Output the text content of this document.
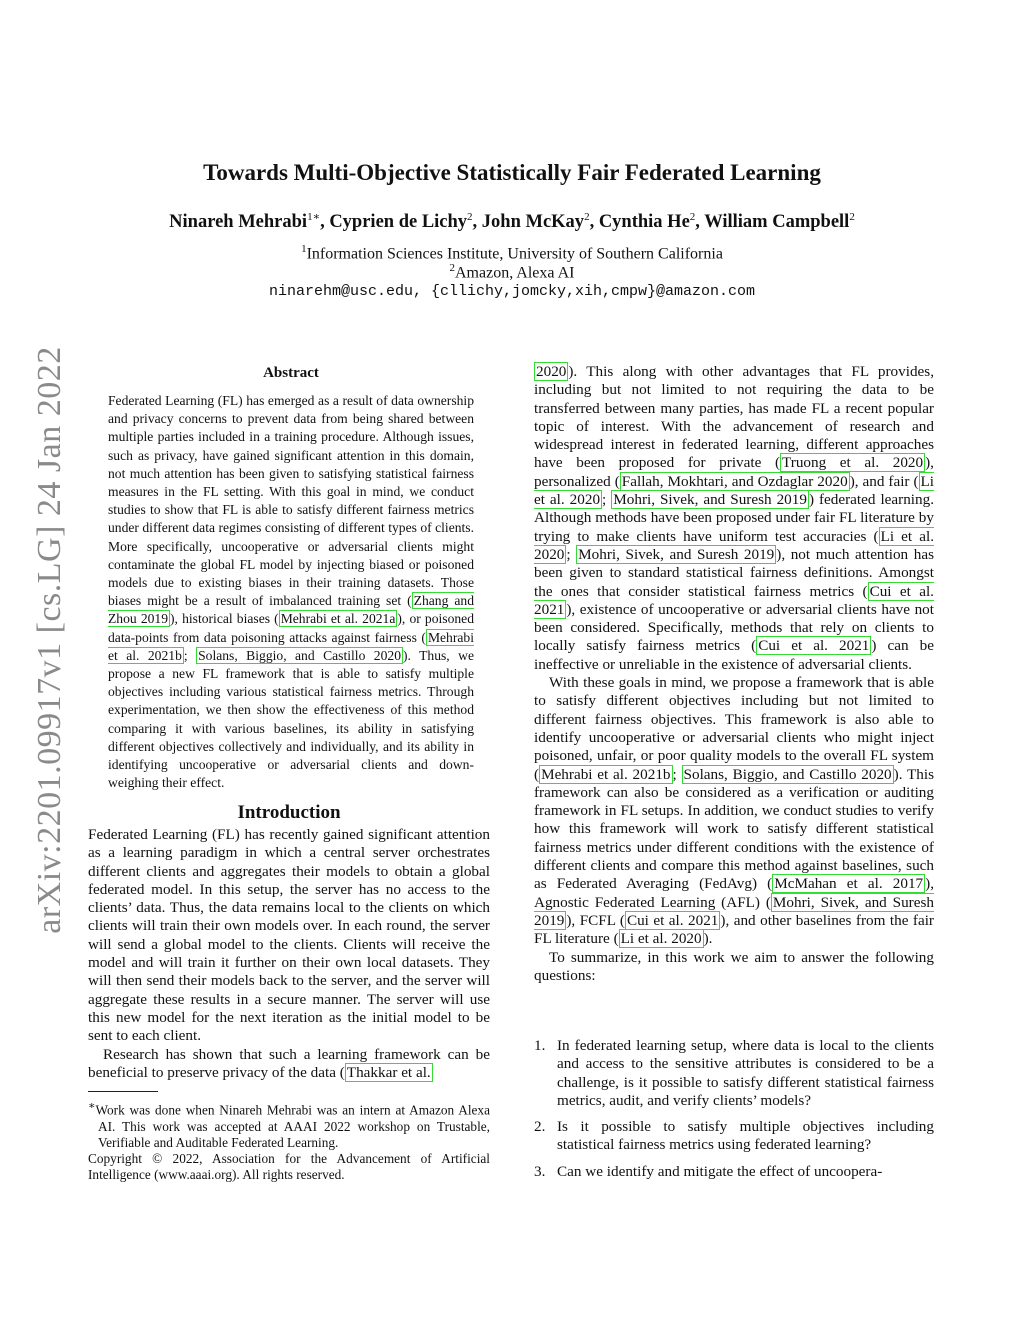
Towards Multi-Objective Statistically Fair Federated Learning
Ninareh Mehrabi$^{1∗}$, Cyprien de Lichy$^2$, John McKay$^2$, Cynthia He$^2$, William Campbell$^2$
$^1$Information Sciences Institute, University of Southern California
$^2$Amazon, Alexa AI
ninarehm@usc.edu, {cllichy,jomcky,xih,cmpw}@amazon.com
arXiv:2201.09917v1 [cs.LG] 24 Jan 2022	Abstract

Federated Learning (FL) has emerged as a result of data ownership and privacy concerns to prevent data from being shared between multiple parties included in a training procedure. Although issues, such as privacy, have gained significant attention in this domain, not much attention has been given to satisfying statistical fairness measures in the FL setting. With this goal in mind, we conduct studies to show that FL is able to satisfy different fairness metrics under different data regimes consisting of different types of clients. More specifically, uncooperative or adversarial clients might contaminate the global FL model by injecting biased or poisoned models due to existing biases in their training datasets. Those biases might be a result of imbalanced training set ( Zhang and Zhou 2019 ), historical biases ( Mehrabi et al. 2021a ), or poisoned data-points from data poisoning attacks against fairness ( Mehrabi et al. 2021b ; Solans, Biggio, and Castillo 2020 ). Thus, we propose a new FL framework that is able to satisfy multiple objectives including various statistical fairness metrics. Through experimentation, we then show the effectiveness of this method comparing it with various baselines, its ability in satisfying different objectives collectively and individually, and its ability in identifying uncooperative or adversarial clients and down-weighing their effect.

Introduction

Federated Learning (FL) has recently gained significant attention as a learning paradigm in which a central server orchestrates different clients and aggregates their models to obtain a global federated model. In this setup, the server has no access to the clients’ data. Thus, the data remains local to the clients on which clients will train their own models over. In each round, the server will send a global model to the clients. Clients will receive the model and will train it further on their own local datasets. They will then send their models back to the server, and the server will aggregate these results in a secure manner. The server will use this new model for the next iteration as the initial model to be sent to each client.

Research has shown that such a learning framework can be beneficial to preserve privacy of the data ( Thakkar et al.

∗Work was done when Ninareh Mehrabi was an intern at Amazon Alexa AI. This work was accepted at AAAI 2022 workshop on Trustable, Verifiable and Auditable Federated Learning.
Copyright © 2022, Association for the Advancement of Artificial Intelligence (www.aaai.org). All rights reserved.

2020 ). This along with other advantages that FL provides, including but not limited to not requiring the data to be transferred between many parties, has made FL a recent popular topic of interest. With the advancement of research and widespread interest in federated learning, different approaches have been proposed for private ( Truong et al. 2020 ), personalized ( Fallah, Mokhtari, and Ozdaglar 2020 ), and fair ( Li et al. 2020 ; Mohri, Sivek, and Suresh 2019 ) federated learning. Although methods have been proposed under fair FL literature by trying to make clients have uniform test accuracies ( Li et al. 2020 ; Mohri, Sivek, and Suresh 2019 ), not much attention has been given to standard statistical fairness definitions. Amongst the ones that consider statistical fairness metrics ( Cui et al. 2021 ), existence of uncooperative or adversarial clients have not been considered. Specifically, methods that rely on clients to locally satisfy fairness metrics ( Cui et al. 2021 ) can be ineffective or unreliable in the existence of adversarial clients.

With these goals in mind, we propose a framework that is able to satisfy different objectives including but not limited to different fairness objectives. This framework is also able to identify uncooperative or adversarial clients who might inject poisoned, unfair, or poor quality models to the overall FL system ( Mehrabi et al. 2021b ; Solans, Biggio, and Castillo 2020 ). This framework can also be considered as a verification or auditing framework in FL setups. In addition, we conduct studies to verify how this framework will work to satisfy different statistical fairness metrics under different conditions with the existence of different clients and compare this method against baselines, such as Federated Averaging (FedAvg) ( McMahan et al. 2017 ), Agnostic Federated Learning (AFL) ( Mohri, Sivek, and Suresh 2019 ), FCFL ( Cui et al. 2021 ), and other baselines from the fair FL literature ( Li et al. 2020 ).

To summarize, in this work we aim to answer the following questions:

1. In federated learning setup, where data is local to the clients and access to the sensitive attributes is considered to be a challenge, is it possible to satisfy different statistical fairness metrics, audit, and verify clients’ models?
2. Is it possible to satisfy multiple objectives including statistical fairness metrics using federated learning?
3. Can we identify and mitigate the effect of uncoopera-
